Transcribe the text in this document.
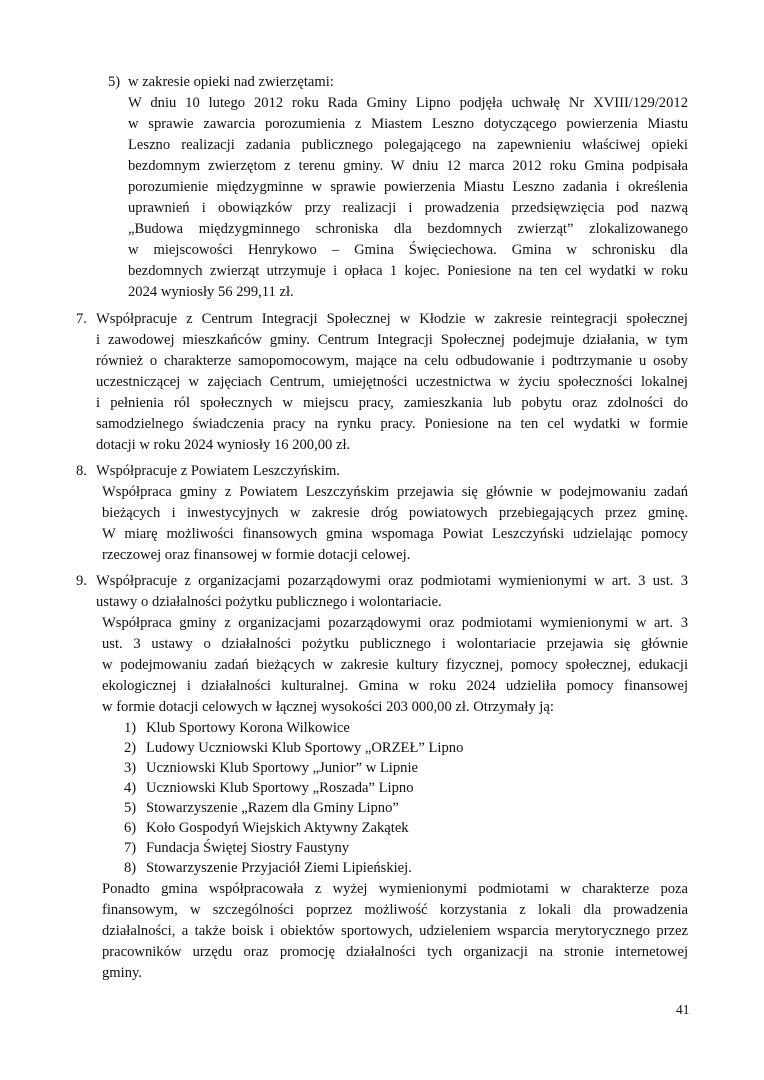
5) w zakresie opieki nad zwierzętami:
W dniu 10 lutego 2012 roku Rada Gminy Lipno podjęła uchwałę Nr XVIII/129/2012
w sprawie zawarcia porozumienia z Miastem Leszno dotyczącego powierzenia Miastu
Leszno realizacji zadania publicznego polegającego na zapewnieniu właściwej opieki
bezdomnym zwierzętom z terenu gminy. W dniu 12 marca 2012 roku Gmina podpisała
porozumienie międzygminne w sprawie powierzenia Miastu Leszno zadania i określenia
uprawnień i obowiązków przy realizacji i prowadzenia przedsięwzięcia pod nazwą
„Budowa międzygminnego schroniska dla bezdomnych zwierząt” zlokalizowanego
w miejscowości Henrykowo – Gmina Święciechowa. Gmina w schronisku dla
bezdomnych zwierząt utrzymuje i opłaca 1 kojec. Poniesione na ten cel wydatki w roku
2024 wyniosły 56 299,11 zł.
7. Współpracuje z Centrum Integracji Społecznej w Kłodzie w zakresie reintegracji społecznej
i zawodowej mieszkańców gminy. Centrum Integracji Społecznej podejmuje działania, w tym
również o charakterze samopomocowym, mające na celu odbudowanie i podtrzymanie u osoby
uczestniczącej w zajęciach Centrum, umiejętności uczestnictwa w życiu społeczności lokalnej
i pełnienia ról społecznych w miejscu pracy, zamieszkania lub pobytu oraz zdolności do
samodzielnego świadczenia pracy na rynku pracy. Poniesione na ten cel wydatki w formie
dotacji w roku 2024 wyniosły 16 200,00 zł.
8. Współpracuje z Powiatem Leszczyńskim.
Współpraca gminy z Powiatem Leszczyńskim przejawia się głównie w podejmowaniu zadań
bieżących i inwestycyjnych w zakresie dróg powiatowych przebiegających przez gminę.
W miarę możliwości finansowych gmina wspomaga Powiat Leszczyński udzielając pomocy
rzeczowej oraz finansowej w formie dotacji celowej.
9. Współpracuje z organizacjami pozarządowymi oraz podmiotami wymienionymi w art. 3 ust. 3
ustawy o działalności pożytku publicznego i wolontariacie.
Współpraca gminy z organizacjami pozarządowymi oraz podmiotami wymienionymi w art. 3
ust. 3 ustawy o działalności pożytku publicznego i wolontariacie przejawia się głównie
w podejmowaniu zadań bieżących w zakresie kultury fizycznej, pomocy społecznej, edukacji
ekologicznej i działalności kulturalnej. Gmina w roku 2024 udzieliła pomocy finansowej
w formie dotacji celowych w łącznej wysokości 203 000,00 zł. Otrzymały ją:
1) Klub Sportowy Korona Wilkowice
2) Ludowy Uczniowski Klub Sportowy „ORZEŁ” Lipno
3) Uczniowski Klub Sportowy „Junior” w Lipnie
4) Uczniowski Klub Sportowy „Roszada” Lipno
5) Stowarzyszenie „Razem dla Gminy Lipno”
6) Koło Gospodyń Wiejskich Aktywny Zakątek
7) Fundacja Świętej Siostry Faustyny
8) Stowarzyszenie Przyjaciół Ziemi Lipieńskiej.
Ponadto gmina współpracowała z wyżej wymienionymi podmiotami w charakterze poza
finansowym, w szczególności poprzez możliwość korzystania z lokali dla prowadzenia
działalności, a także boisk i obiektów sportowych, udzieleniem wsparcia merytorycznego przez
pracowników urzędu oraz promocję działalności tych organizacji na stronie internetowej
gminy.
41
